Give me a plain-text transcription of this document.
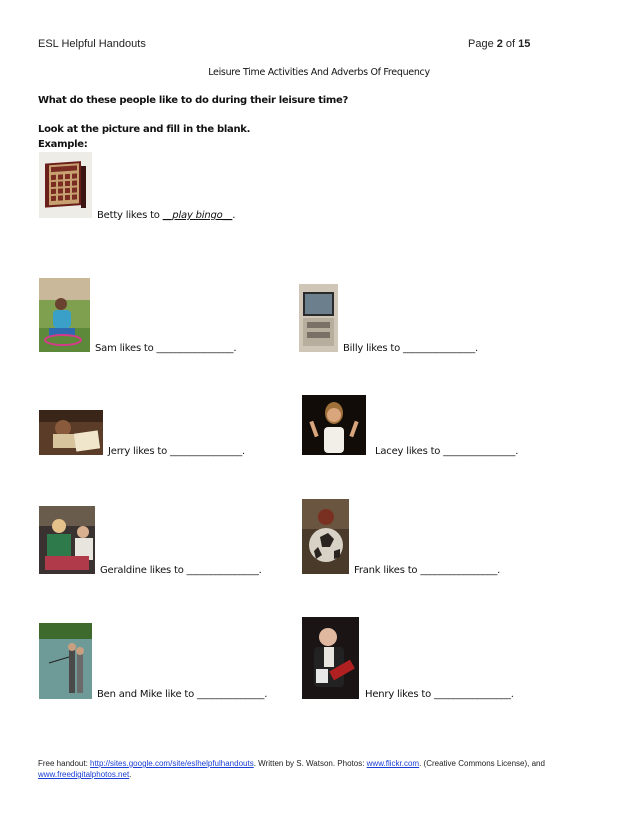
ESL Helpful Handouts	Page 2 of 15
Leisure Time Activities And Adverbs Of Frequency
What do these people like to do during their leisure time?
Look at the picture and fill in the blank.
Example:
Betty likes to __play bingo__.
Sam likes to ________________.	Billy likes to _______________.
Jerry likes to _______________.	Lacey likes to _______________.
Geraldine likes to _______________.	Frank likes to ________________.
Ben and Mike like to ______________.	Henry likes to ________________.
Free handout: http://sites.google.com/site/eslhelpfulhandouts. Written by S. Watson. Photos: www.flickr.com. (Creative Commons License), and
www.freedigitalphotos.net.
